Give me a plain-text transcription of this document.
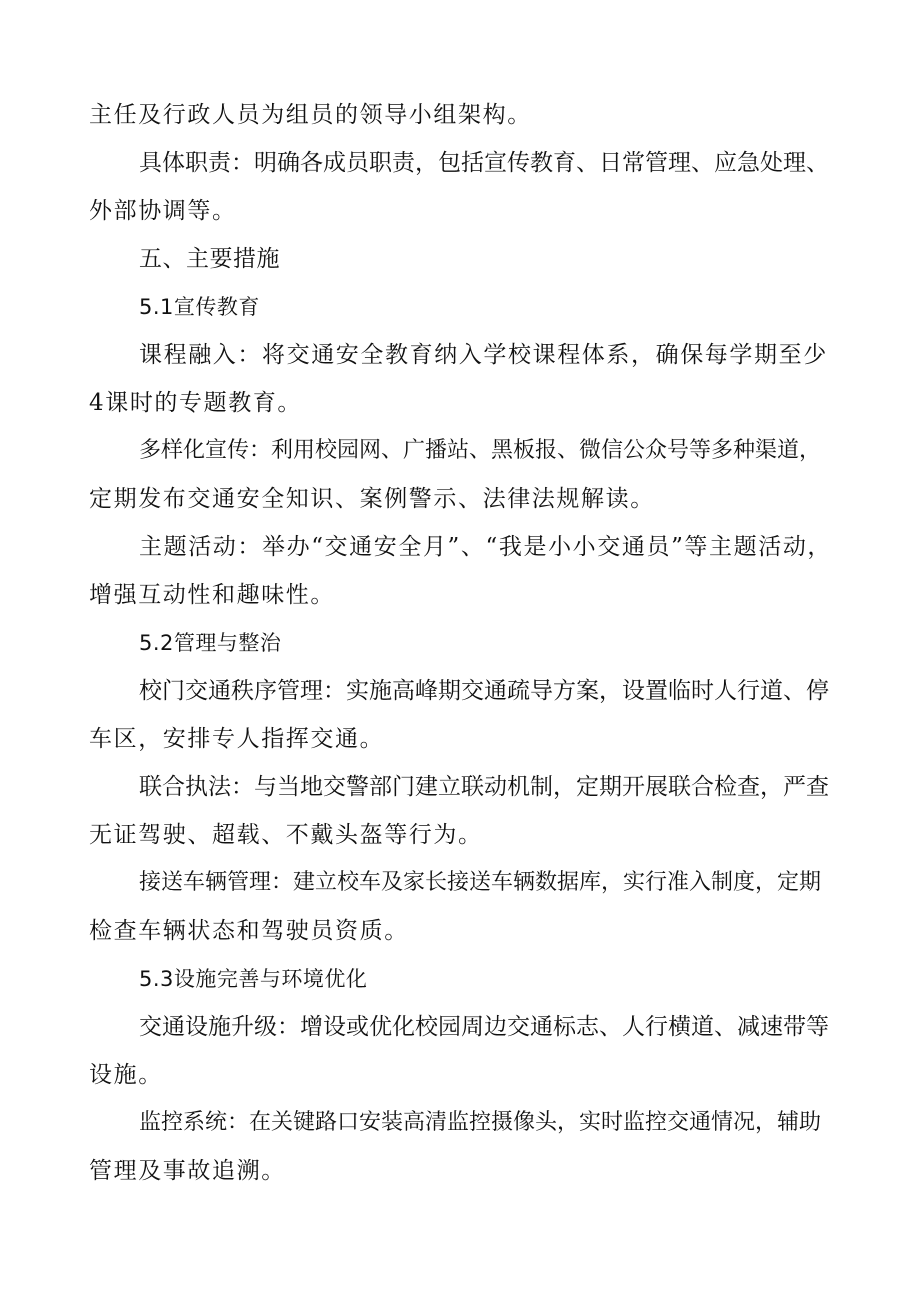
主任及行政人员为组员的领导小组架构。
具体职责：明确各成员职责，包括宣传教育、日常管理、应急处理、
外部协调等。
五、主要措施
5.1宣传教育
课程融入：将交通安全教育纳入学校课程体系，确保每学期至少
4课时的专题教育。
多样化宣传：利用校园网、广播站、黑板报、微信公众号等多种渠道，
定期发布交通安全知识、案例警示、法律法规解读。
主题活动：举办“交通安全月”、“我是小小交通员”等主题活动，
增强互动性和趣味性。
5.2管理与整治
校门交通秩序管理：实施高峰期交通疏导方案，设置临时人行道、停
车区，安排专人指挥交通。
联合执法：与当地交警部门建立联动机制，定期开展联合检查，严查
无证驾驶、超载、不戴头盔等行为。
接送车辆管理：建立校车及家长接送车辆数据库，实行准入制度，定期
检查车辆状态和驾驶员资质。
5.3设施完善与环境优化
交通设施升级：增设或优化校园周边交通标志、人行横道、减速带等
设施。
监控系统：在关键路口安装高清监控摄像头，实时监控交通情况，辅助
管理及事故追溯。
